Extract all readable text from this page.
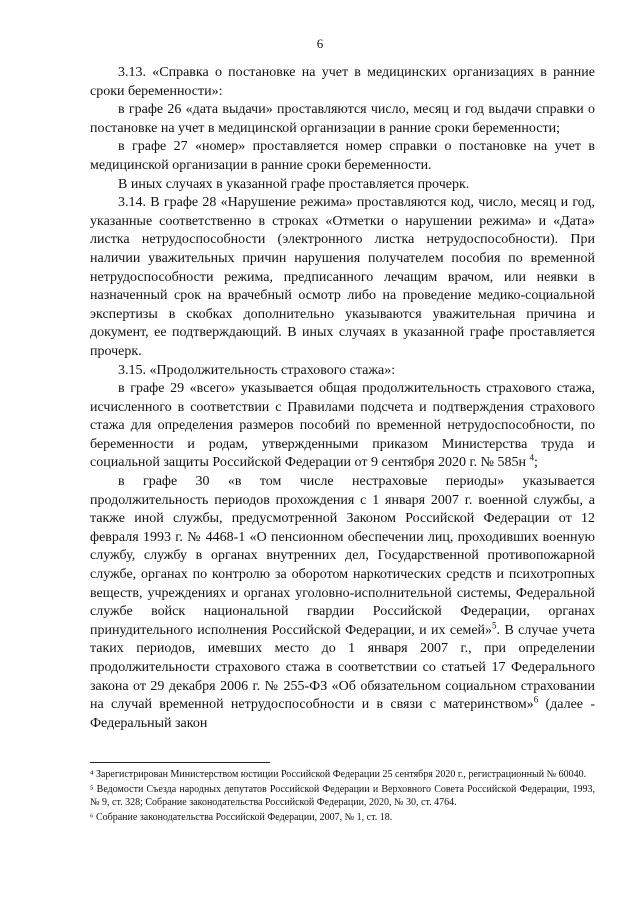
6

3.13. «Справка о постановке на учет в медицинских организациях в ранние сроки беременности»:

в графе 26 «дата выдачи» проставляются число, месяц и год выдачи справки о постановке на учет в медицинской организации в ранние сроки беременности;

в графе 27 «номер» проставляется номер справки о постановке на учет в медицинской организации в ранние сроки беременности.

В иных случаях в указанной графе проставляется прочерк.

3.14. В графе 28 «Нарушение режима» проставляются код, число, месяц и год, указанные соответственно в строках «Отметки о нарушении режима» и «Дата» листка нетрудоспособности (электронного листка нетрудоспособности). При наличии уважительных причин нарушения получателем пособия по временной нетрудоспособности режима, предписанного лечащим врачом, или неявки в назначенный срок на врачебный осмотр либо на проведение медико-социальной экспертизы в скобках дополнительно указываются уважительная причина и документ, ее подтверждающий. В иных случаях в указанной графе проставляется прочерк.

3.15. «Продолжительность страхового стажа»:

в графе 29 «всего» указывается общая продолжительность страхового стажа, исчисленного в соответствии с Правилами подсчета и подтверждения страхового стажа для определения размеров пособий по временной нетрудоспособности, по беременности и родам, утвержденными приказом Министерства труда и социальной защиты Российской Федерации от 9 сентября 2020 г. № 585н $^4$;

в графе 30 «в том числе нестраховые периоды» указывается продолжительность периодов прохождения с 1 января 2007 г. военной службы, а также иной службы, предусмотренной Законом Российской Федерации от 12 февраля 1993 г. № 4468-1 «О пенсионном обеспечении лиц, проходивших военную службу, службу в органах внутренних дел, Государственной противопожарной службе, органах по контролю за оборотом наркотических средств и психотропных веществ, учреждениях и органах уголовно-исполнительной системы, Федеральной службе войск национальной гвардии Российской Федерации, органах принудительного исполнения Российской Федерации, и их семей»$^5$. В случае учета таких периодов, имевших место до 1 января 2007 г., при определении продолжительности страхового стажа в соответствии со статьей 17 Федерального закона от 29 декабря 2006 г. № 255-ФЗ «Об обязательном социальном страховании на случай временной нетрудоспособности и в связи с материнством»$^6$ (далее - Федеральный закон

⁴ Зарегистрирован Министерством юстиции Российской Федерации 25 сентября 2020 г., регистрационный № 60040.

⁵ Ведомости Съезда народных депутатов Российской Федерации и Верховного Совета Российской Федерации, 1993, № 9, ст. 328; Собрание законодательства Российской Федерации, 2020, № 30, ст. 4764.

⁶ Собрание законодательства Российской Федерации, 2007, № 1, ст. 18.
